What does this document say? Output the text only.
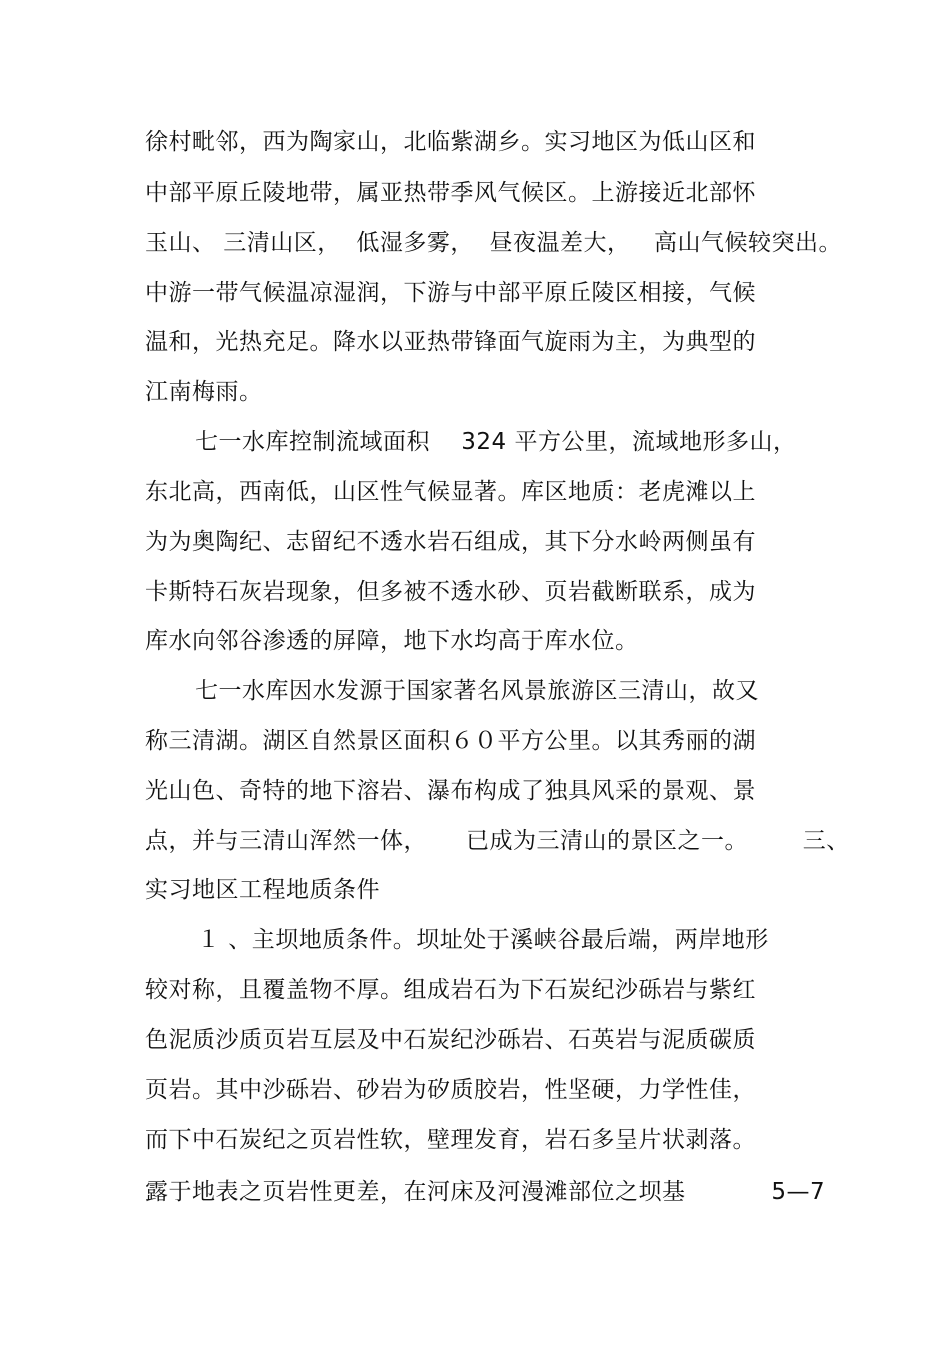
徐村毗邻，西为陶家山，北临紫湖乡。实习地区为低山区和
中部平原丘陵地带，属亚热带季风气候区。上游接近北部怀
玉山、 三清山区，  低湿多雾，  昼夜温差大，   高山气候较突出。
中游一带气候温凉湿润，下游与中部平原丘陵区相接，气候
温和，光热充足。降水以亚热带锋面气旋雨为主，为典型的
江南梅雨。
七一水库控制流域面积    324 平方公里，流域地形多山，
东北高，西南低，山区性气候显著。库区地质：老虎滩以上
为为奥陶纪、志留纪不透水岩石组成，其下分水岭两侧虽有
卡斯特石灰岩现象，但多被不透水砂、页岩截断联系，成为
库水向邻谷渗透的屏障，地下水均高于库水位。
七一水库因水发源于国家著名风景旅游区三清山，故又
称三清湖。湖区自然景区面积６０平方公里。以其秀丽的湖
光山色、奇特的地下溶岩、瀑布构成了独具风采的景观、景
点，并与三清山浑然一体，     已成为三清山的景区之一。       三、
实习地区工程地质条件
１ 、主坝地质条件。坝址处于溪峡谷最后端，两岸地形
较对称，且覆盖物不厚。组成岩石为下石炭纪沙砾岩与紫红
色泥质沙质页岩互层及中石炭纪沙砾岩、石英岩与泥质碳质
页岩。其中沙砾岩、砂岩为矽质胶岩，性坚硬，力学性佳，
而下中石炭纪之页岩性软，壁理发育，岩石多呈片状剥落。
露于地表之页岩性更差，在河床及河漫滩部位之坝基           5—7
